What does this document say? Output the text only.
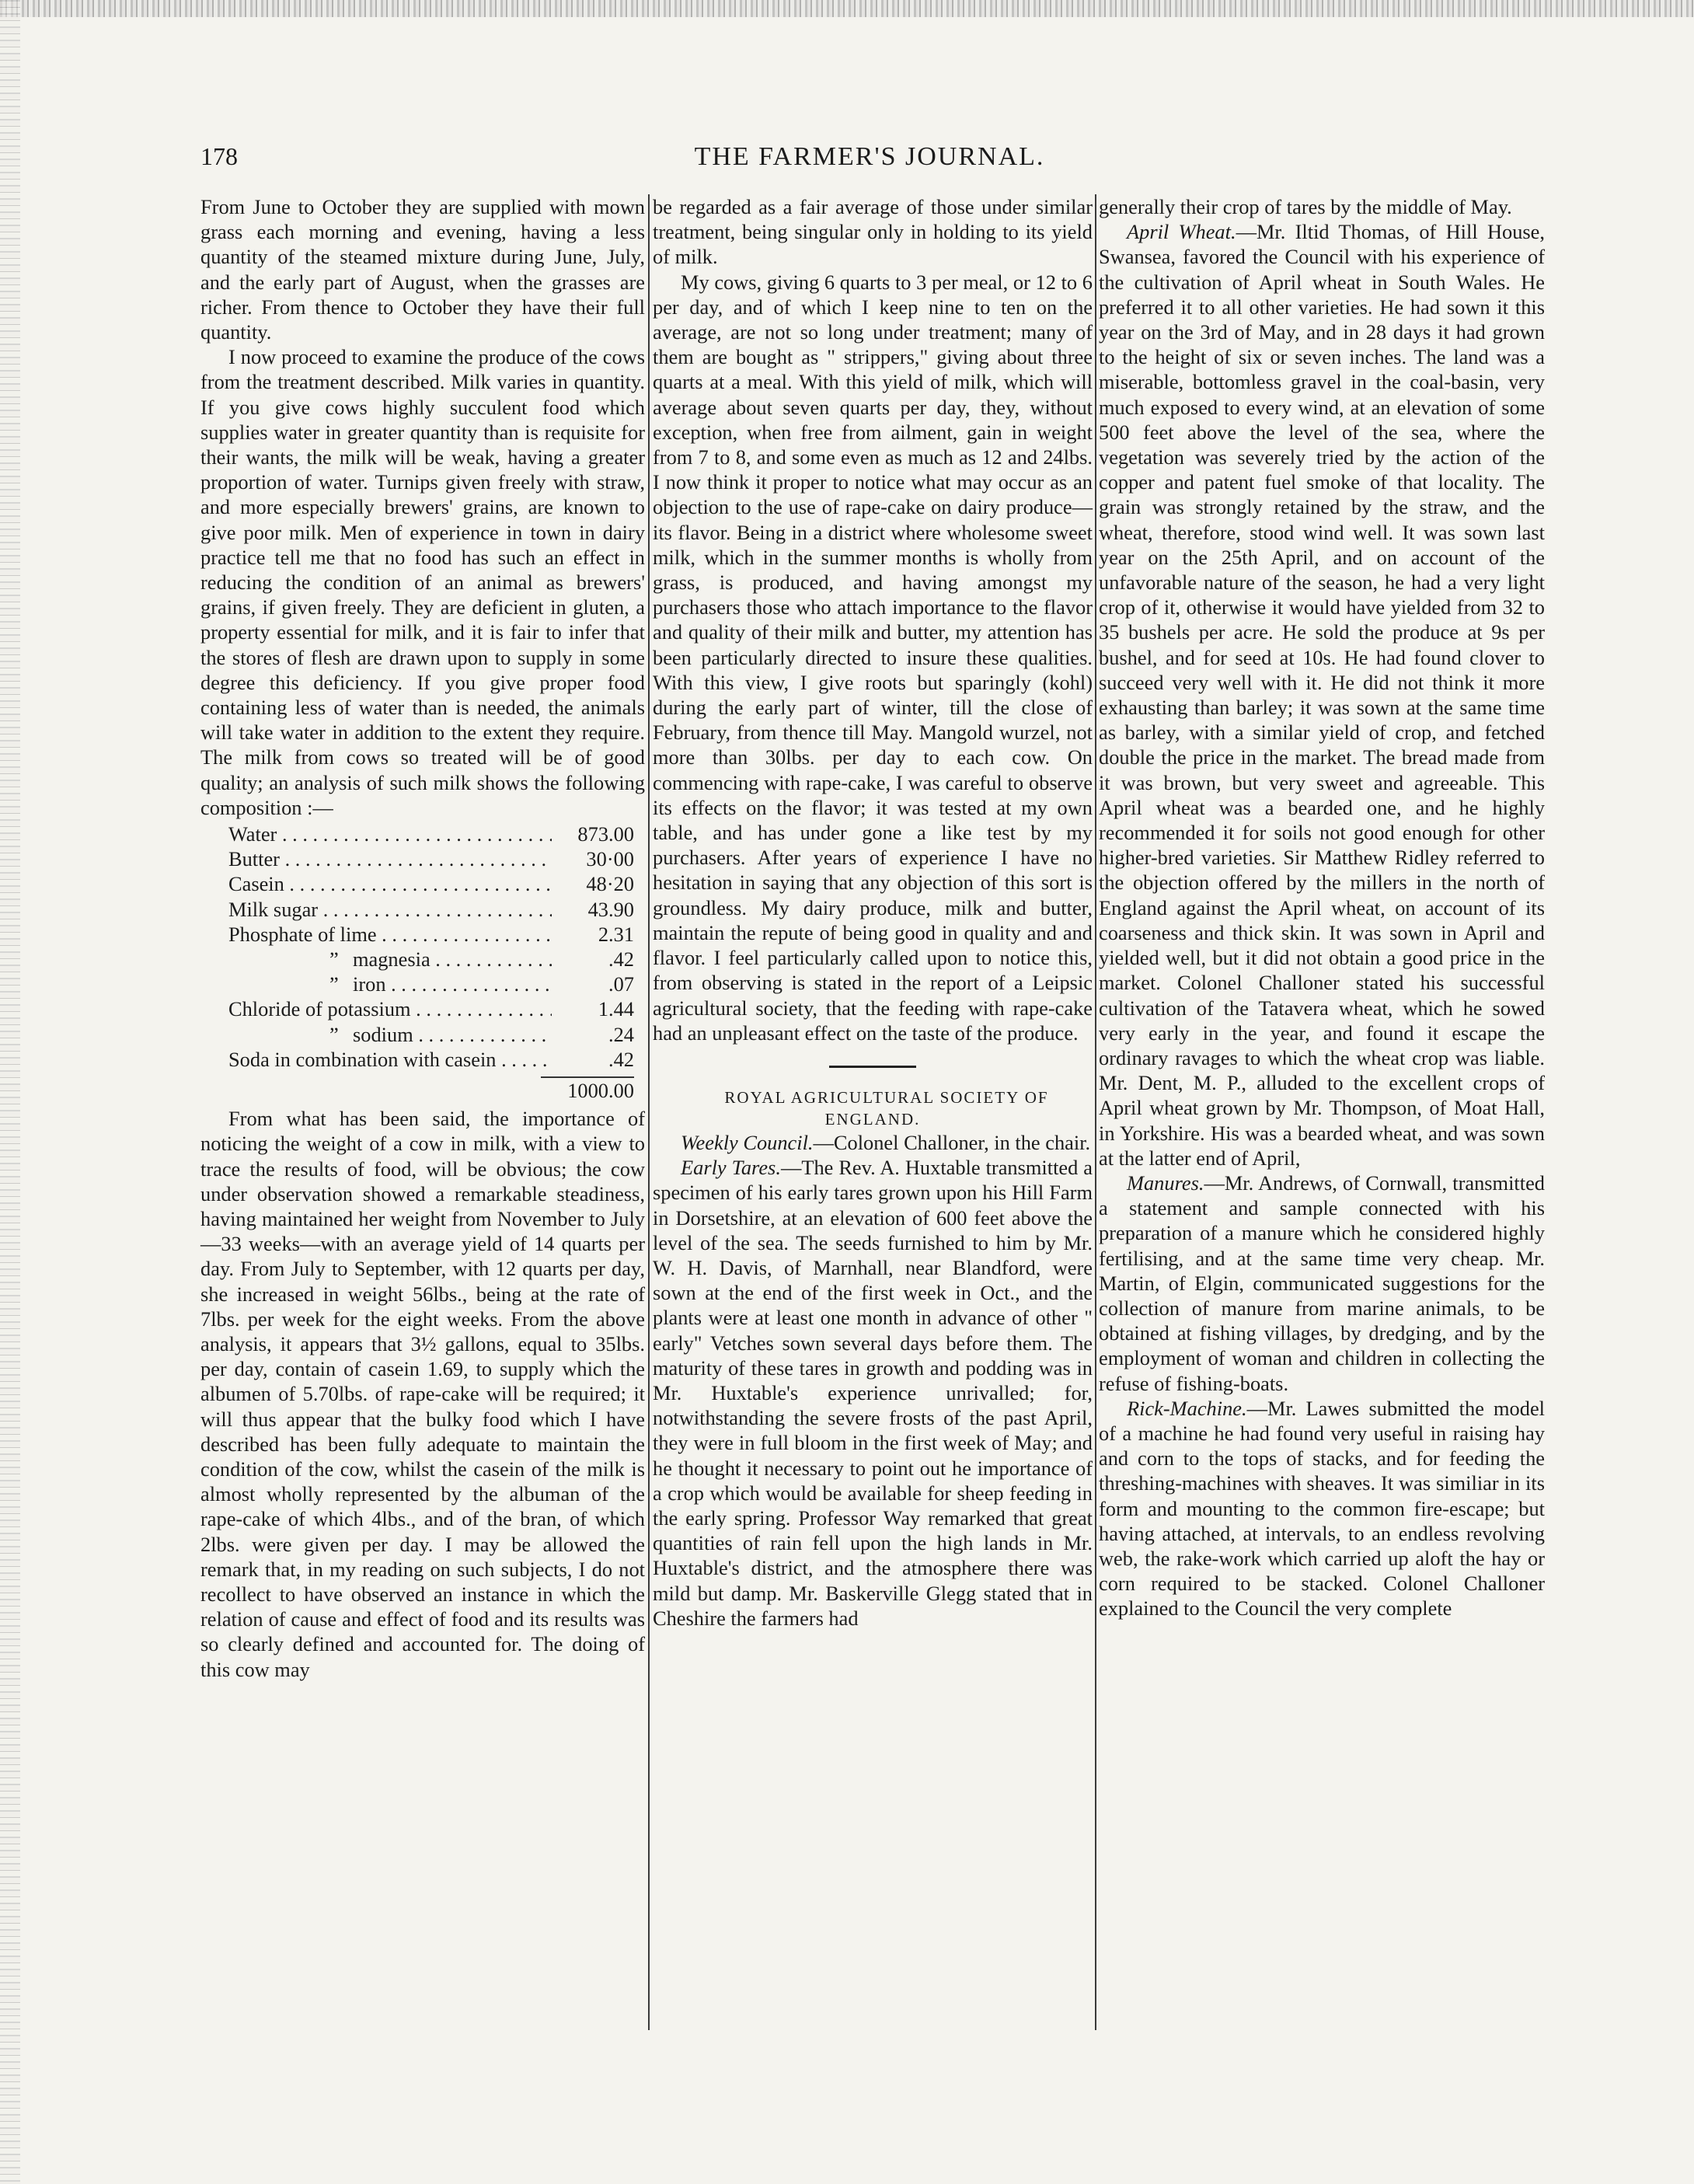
178	THE FARMER'S JOURNAL.

From June to October they are supplied with mown grass each morning and evening, having a less quantity of the steamed mixture during June, July, and the early part of August, when the grasses are richer. From thence to October they have their full quantity.

I now proceed to examine the produce of the cows from the treatment described. Milk varies in quantity. If you give cows highly succulent food which supplies water in greater quantity than is requisite for their wants, the milk will be weak, having a greater proportion of water. Turnips given freely with straw, and more especially brewers' grains, are known to give poor milk. Men of experience in town in dairy practice tell me that no food has such an effect in reducing the condition of an animal as brewers' grains, if given freely. They are deficient in gluten, a property essential for milk, and it is fair to infer that the stores of flesh are drawn upon to supply in some degree this deficiency. If you give proper food containing less of water than is needed, the animals will take water in addition to the extent they require. The milk from cows so treated will be of good quality; an analysis of such milk shows the following composition :—

Water . . .	873.00
Butter . . .	30·00
Casein . . .	48·20
Milk sugar . . .	43.90
Phosphate of lime . . .	2.31
” magnesia . . .	.42
” iron . . .	.07
Chloride of potassium . . .	1.44
” sodium . . .	.24
Soda in combination with casein . . .	.42
1000.00

From what has been said, the importance of noticing the weight of a cow in milk, with a view to trace the results of food, will be obvious; the cow under observation showed a remarkable steadiness, having maintained her weight from November to July—33 weeks—with an average yield of 14 quarts per day. From July to September, with 12 quarts per day, she increased in weight 56lbs., being at the rate of 7lbs. per week for the eight weeks. From the above analysis, it appears that 3½ gallons, equal to 35lbs. per day, contain of casein 1.69, to supply which the albumen of 5.70lbs. of rape-cake will be required; it will thus appear that the bulky food which I have described has been fully adequate to maintain the condition of the cow, whilst the casein of the milk is almost wholly represented by the albuman of the rape-cake of which 4lbs., and of the bran, of which 2lbs. were given per day. I may be allowed the remark that, in my reading on such subjects, I do not recollect to have observed an instance in which the relation of cause and effect of food and its results was so clearly defined and accounted for. The doing of this cow may

be regarded as a fair average of those under similar treatment, being singular only in holding to its yield of milk.

My cows, giving 6 quarts to 3 per meal, or 12 to 6 per day, and of which I keep nine to ten on the average, are not so long under treatment; many of them are bought as " strippers," giving about three quarts at a meal. With this yield of milk, which will average about seven quarts per day, they, without exception, when free from ailment, gain in weight from 7 to 8, and some even as much as 12 and 24lbs. I now think it proper to notice what may occur as an objection to the use of rape-cake on dairy produce—its flavor. Being in a district where wholesome sweet milk, which in the summer months is wholly from grass, is produced, and having amongst my purchasers those who attach importance to the flavor and quality of their milk and butter, my attention has been particularly directed to insure these qualities. With this view, I give roots but sparingly (kohl) during the early part of winter, till the close of February, from thence till May. Mangold wurzel, not more than 30lbs. per day to each cow. On commencing with rape-cake, I was careful to observe its effects on the flavor; it was tested at my own table, and has under gone a like test by my purchasers. After years of experience I have no hesitation in saying that any objection of this sort is groundless. My dairy produce, milk and butter, maintain the repute of being good in quality and and flavor. I feel particularly called upon to notice this, from observing is stated in the report of a Leipsic agricultural society, that the feeding with rape-cake had an unpleasant effect on the taste of the produce.

ROYAL AGRICULTURAL SOCIETY OF ENGLAND.

Weekly Council.—Colonel Challoner, in the chair.

Early Tares.—The Rev. A. Huxtable transmitted a specimen of his early tares grown upon his Hill Farm in Dorsetshire, at an elevation of 600 feet above the level of the sea. The seeds furnished to him by Mr. W. H. Davis, of Marnhall, near Blandford, were sown at the end of the first week in Oct., and the plants were at least one month in advance of other " early" Vetches sown several days before them. The maturity of these tares in growth and podding was in Mr. Huxtable's experience unrivalled; for, notwithstanding the severe frosts of the past April, they were in full bloom in the first week of May; and he thought it necessary to point out he importance of a crop which would be available for sheep feeding in the early spring. Professor Way remarked that great quantities of rain fell upon the high lands in Mr. Huxtable's district, and the atmosphere there was mild but damp. Mr. Baskerville Glegg stated that in Cheshire the farmers had

generally their crop of tares by the middle of May.

April Wheat.—Mr. Iltid Thomas, of Hill House, Swansea, favored the Council with his experience of the cultivation of April wheat in South Wales. He preferred it to all other varieties. He had sown it this year on the 3rd of May, and in 28 days it had grown to the height of six or seven inches. The land was a miserable, bottomless gravel in the coal-basin, very much exposed to every wind, at an elevation of some 500 feet above the level of the sea, where the vegetation was severely tried by the action of the copper and patent fuel smoke of that locality. The grain was strongly retained by the straw, and the wheat, therefore, stood wind well. It was sown last year on the 25th April, and on account of the unfavorable nature of the season, he had a very light crop of it, otherwise it would have yielded from 32 to 35 bushels per acre. He sold the produce at 9s per bushel, and for seed at 10s. He had found clover to succeed very well with it. He did not think it more exhausting than barley; it was sown at the same time as barley, with a similar yield of crop, and fetched double the price in the market. The bread made from it was brown, but very sweet and agreeable. This April wheat was a bearded one, and he highly recommended it for soils not good enough for other higher-bred varieties. Sir Matthew Ridley referred to the objection offered by the millers in the north of England against the April wheat, on account of its coarseness and thick skin. It was sown in April and yielded well, but it did not obtain a good price in the market. Colonel Challoner stated his successful cultivation of the Tatavera wheat, which he sowed very early in the year, and found it escape the ordinary ravages to which the wheat crop was liable. Mr. Dent, M. P., alluded to the excellent crops of April wheat grown by Mr. Thompson, of Moat Hall, in Yorkshire. His was a bearded wheat, and was sown at the latter end of April,

Manures.—Mr. Andrews, of Cornwall, transmitted a statement and sample connected with his preparation of a manure which he considered highly fertilising, and at the same time very cheap. Mr. Martin, of Elgin, communicated suggestions for the collection of manure from marine animals, to be obtained at fishing villages, by dredging, and by the employment of woman and children in collecting the refuse of fishing-boats.

Rick-Machine.—Mr. Lawes submitted the model of a machine he had found very useful in raising hay and corn to the tops of stacks, and for feeding the threshing-machines with sheaves. It was similiar in its form and mounting to the common fire-escape; but having attached, at intervals, to an endless revolving web, the rake-work which carried up aloft the hay or corn required to be stacked. Colonel Challoner explained to the Council the very complete
